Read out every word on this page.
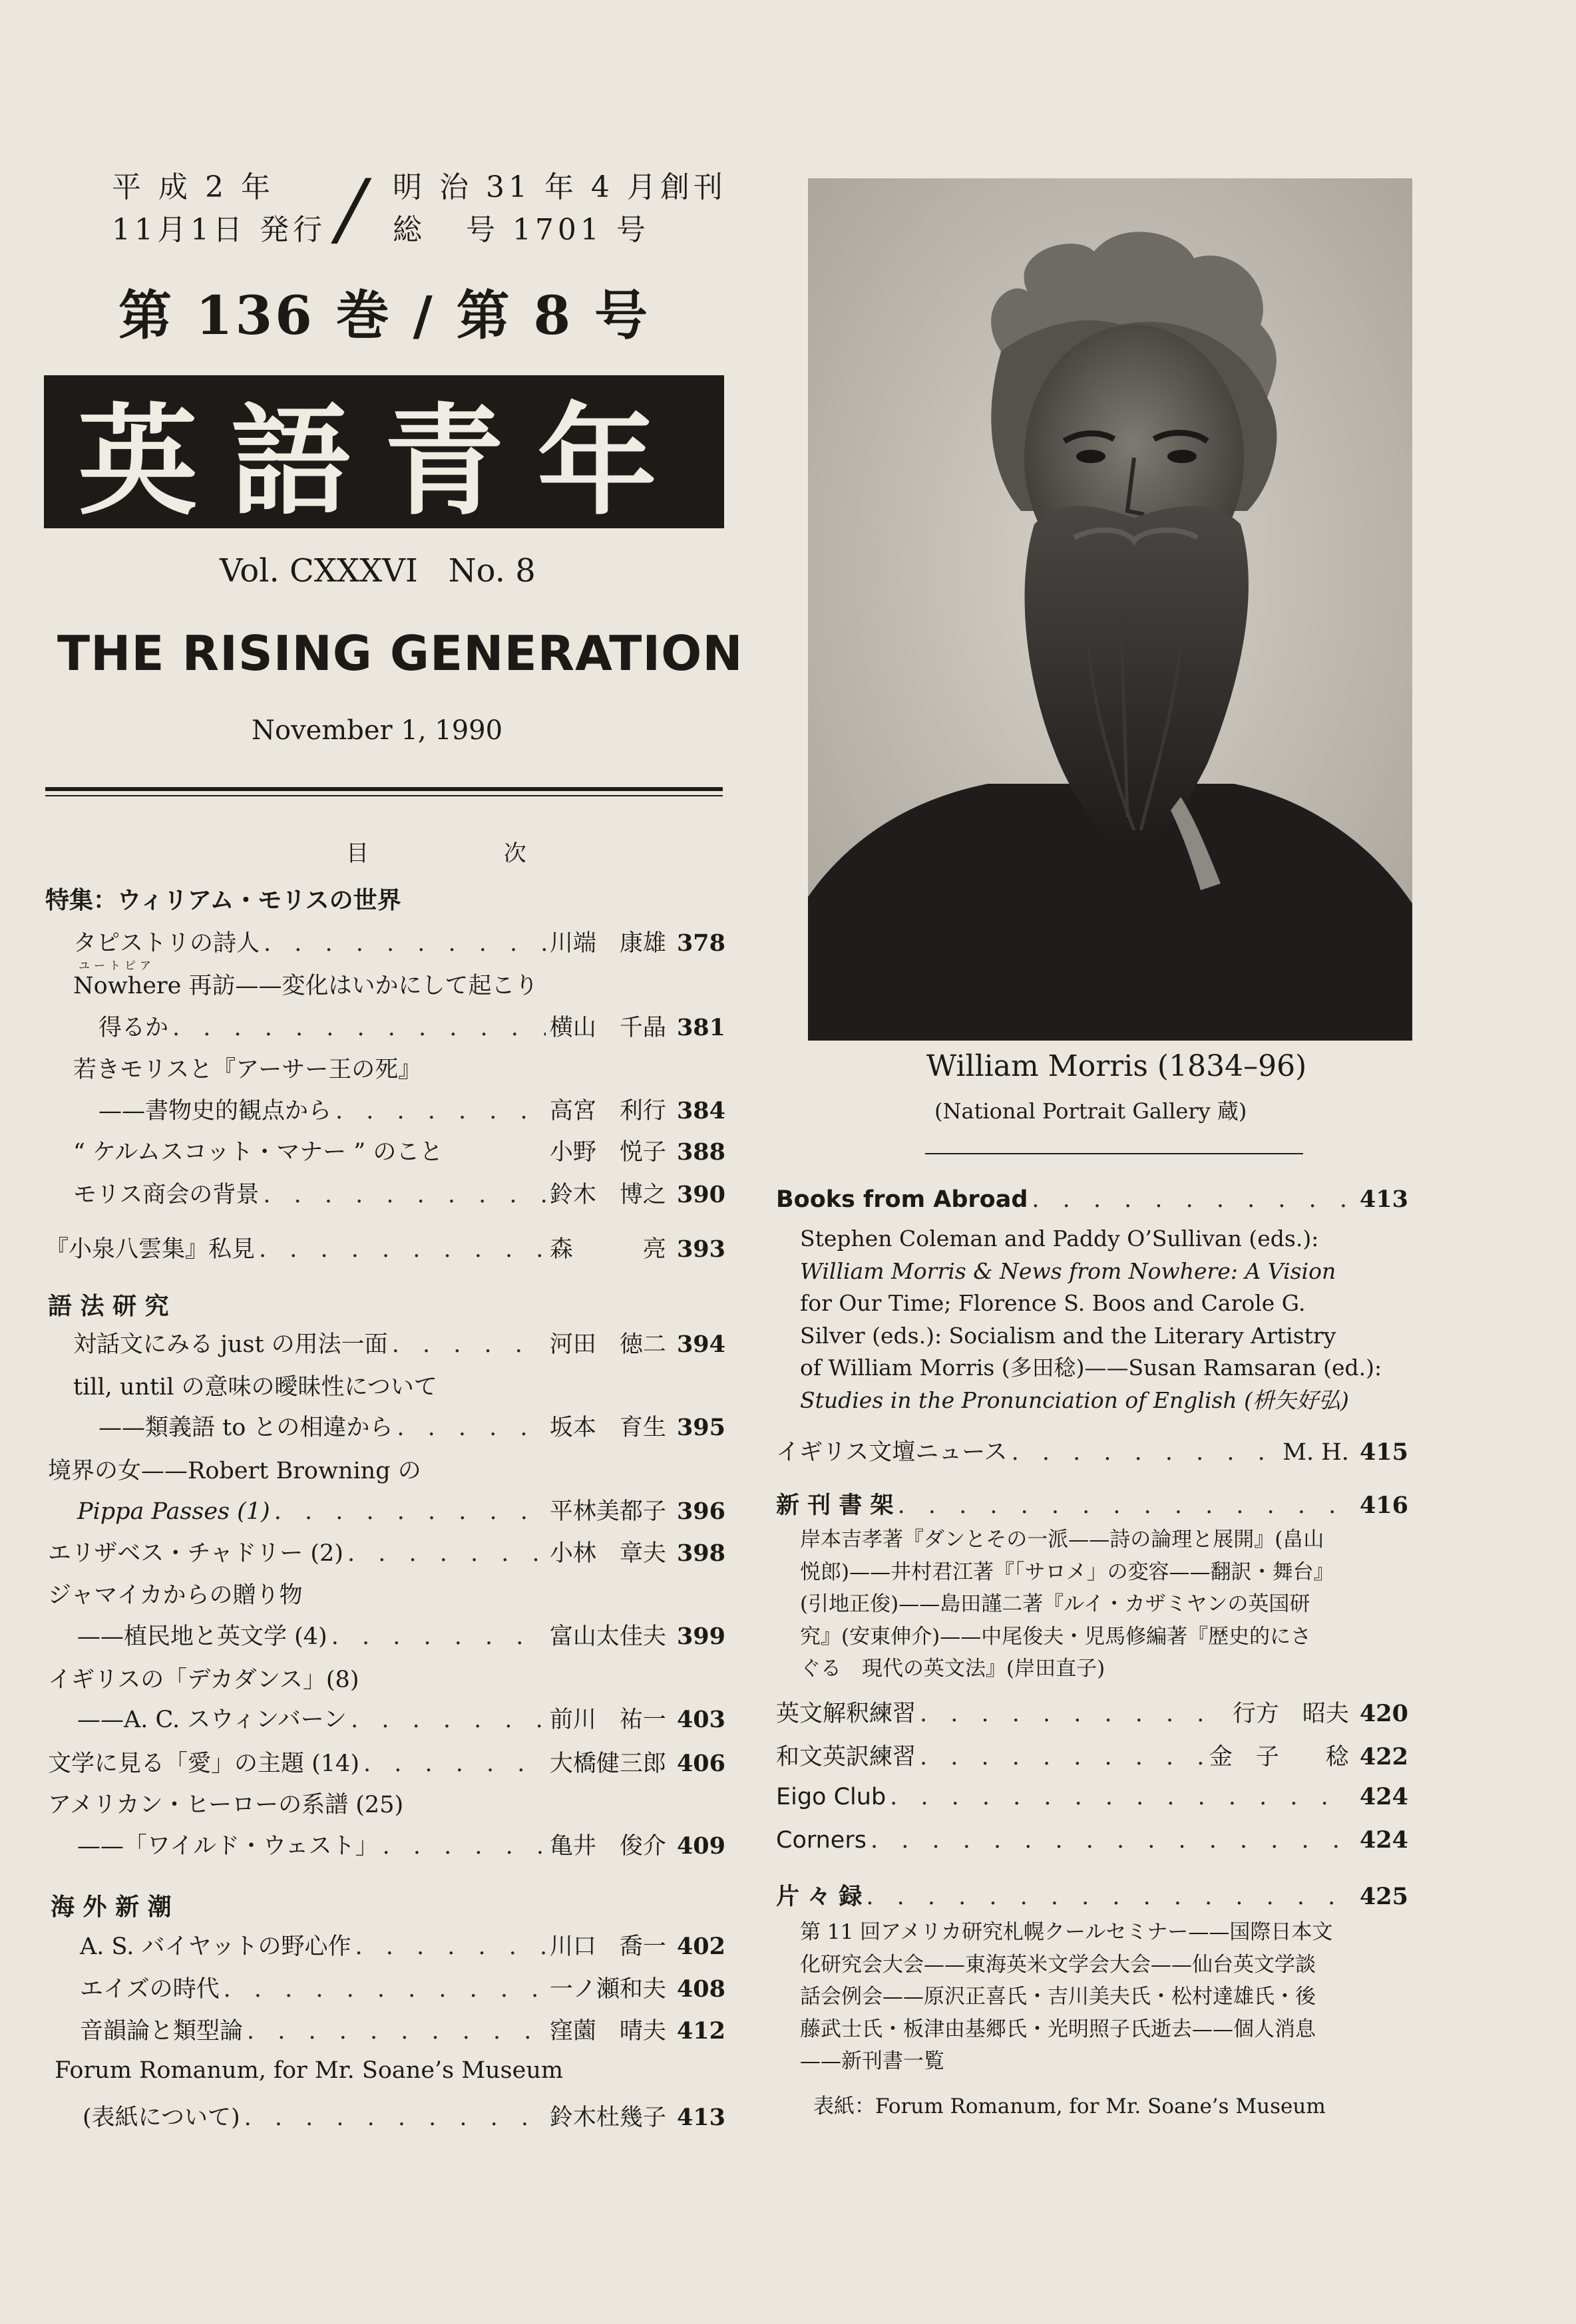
平 成 2 年
11月1日 発行 / 明 治 31 年 4 月創刊
総   号 1701 号
第 136 巻 / 第 8 号
英語青年
Vol. CXXXVI   No. 8
THE RISING GENERATION
November 1, 1990
目 次
特集：ウィリアム・モリスの世界
タピストリの詩人 . . .	川端　康雄 378
ユートピア
Nowhere 再訪——変化はいかにして起こり
得るか . . .	横山　千晶 381
若きモリスと『アーサー王の死』
——書物史的観点から . . .	高宮　利行 384
“ ケルムスコット・マナー ” のこと	小野　悦子 388
モリス商会の背景 . . .	鈴木　博之 390
『小泉八雲集』私見 . . .	森　　　亮 393
語 法 研 究
対話文にみる just の用法一面 . . .	河田　徳二 394
till, until の意味の曖昧性について
——類義語 to との相違から . . .	坂本　育生 395
境界の女——Robert Browning の
Pippa Passes (1) . . .	平林美都子 396
エリザベス・チャドリー (2) . . .	小林　章夫 398
ジャマイカからの贈り物
——植民地と英文学 (4) . . .	富山太佳夫 399
イギリスの「デカダンス」(8)
——A. C. スウィンバーン . . .	前川　祐一 403
文学に見る「愛」の主題 (14) . . .	大橋健三郎 406
アメリカン・ヒーローの系譜 (25)
——「ワイルド・ウェスト」 . . .	亀井　俊介 409
海 外 新 潮
A. S. バイヤットの野心作 . . .	川口　喬一 402
エイズの時代 . . .	一ノ瀬和夫 408
音韻論と類型論 . . .	窪薗　晴夫 412
Forum Romanum, for Mr. Soane’s Museum
(表紙について) . . .	鈴木杜幾子 413
William Morris (1834–96)
(National Portrait Gallery 蔵)
Books from Abroad . . .	413
Stephen Coleman and Paddy O’Sullivan (eds.):
William Morris & News from Nowhere: A Vision
for Our Time; Florence S. Boos and Carole G.
Silver (eds.): Socialism and the Literary Artistry
of William Morris (多田稔)——Susan Ramsaran (ed.):
Studies in the Pronunciation of English (枡矢好弘)
イギリス文壇ニュース . . .	M. H. 415
新 刊 書 架 . . .	416
岸本吉孝著『ダンとその一派——詩の論理と展開』(畠山
悦郎)——井村君江著『「サロメ」の変容——翻訳・舞台』
(引地正俊)——島田謹二著『ルイ・カザミヤンの英国研
究』(安東伸介)——中尾俊夫・児馬修編著『歴史的にさ
ぐる　現代の英文法』(岸田直子)
英文解釈練習 . . .	行方　昭夫 420
和文英訳練習 . . .	金　子　　稔 422
Eigo Club . . .	424
Corners . . .	424
片 々 録 . . .	425
第 11 回アメリカ研究札幌クールセミナー——国際日本文
化研究会大会——東海英米文学会大会——仙台英文学談
話会例会——原沢正喜氏・吉川美夫氏・松村達雄氏・後
藤武士氏・板津由基郷氏・光明照子氏逝去——個人消息
——新刊書一覧
表紙：Forum Romanum, for Mr. Soane’s Museum
